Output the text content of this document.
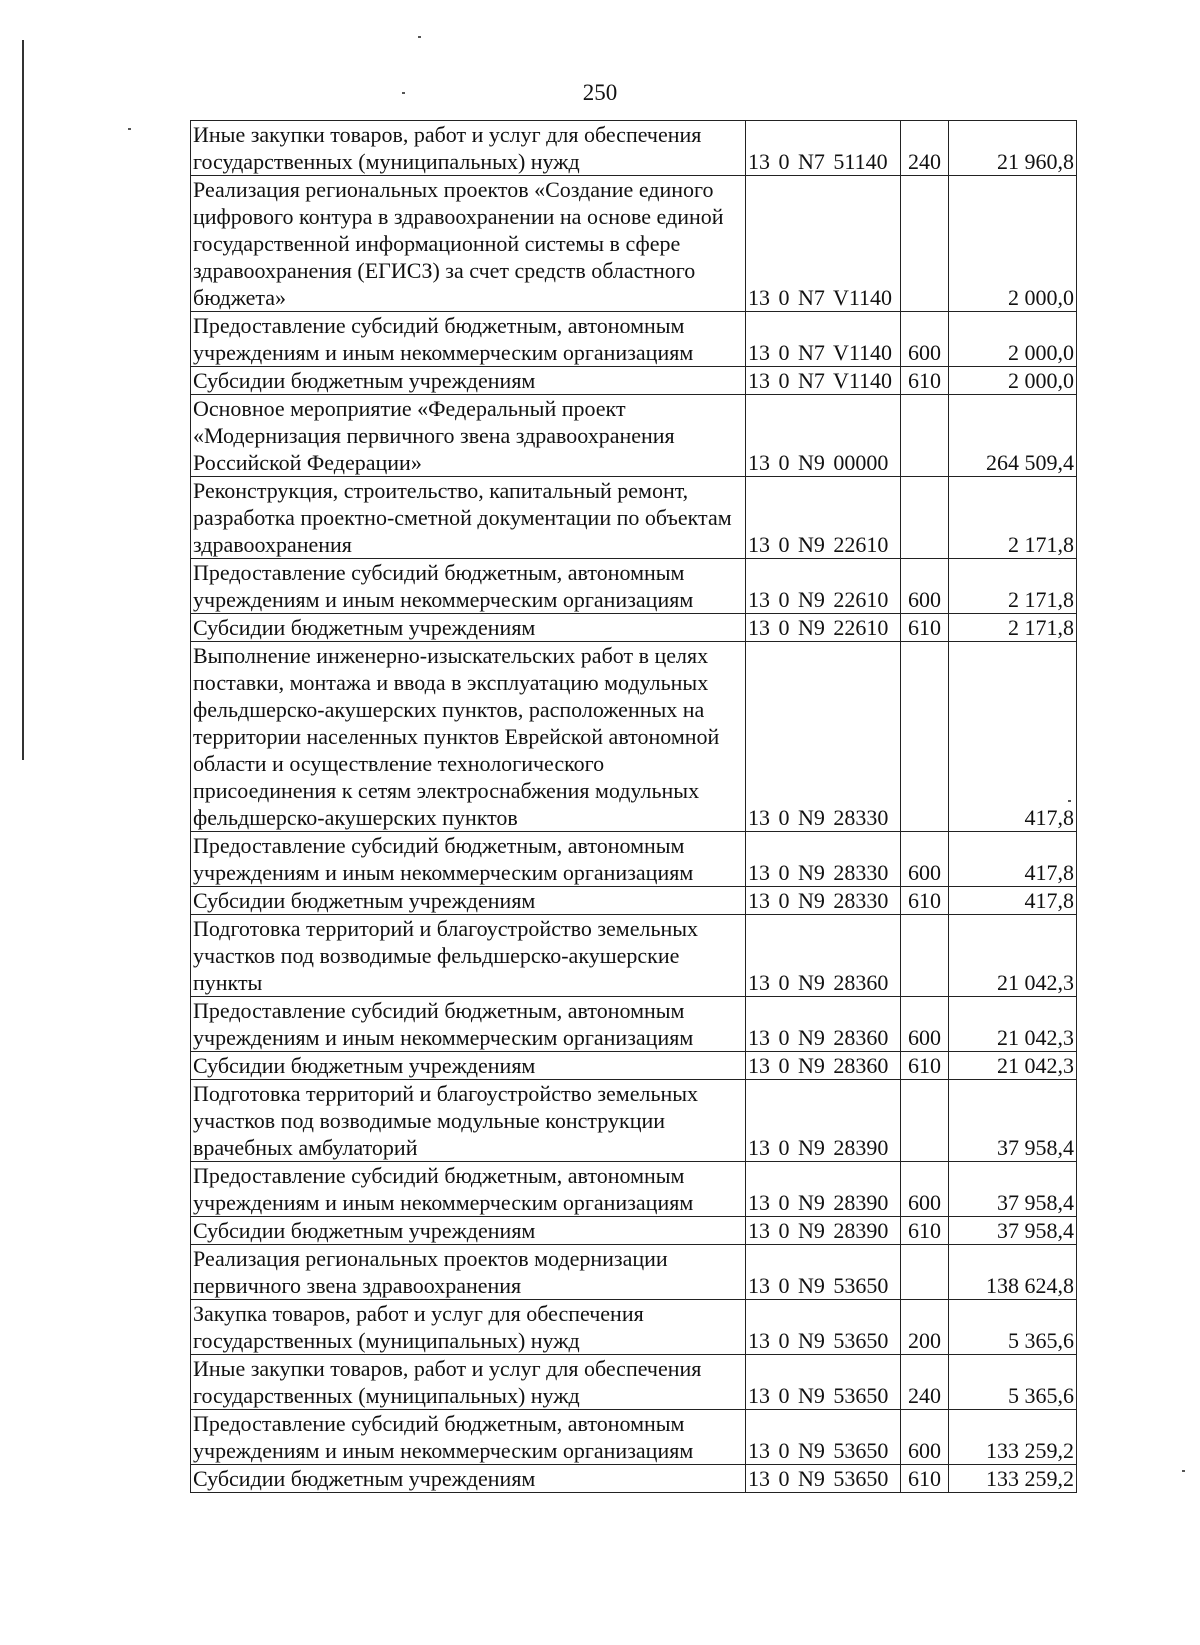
250
Иные закупки товаров, работ и услуг для обеспечения государственных (муниципальных) нужд	13 0 N7 51140	240	21 960,8
Реализация региональных проектов «Создание единого цифрового контура в здравоохранении на основе единой государственной информационной системы в сфере здравоохранения (ЕГИСЗ) за счет средств областного бюджета»	13 0 N7 V1140		2 000,0
Предоставление субсидий бюджетным, автономным учреждениям и иным некоммерческим организациям	13 0 N7 V1140	600	2 000,0
Субсидии бюджетным учреждениям	13 0 N7 V1140	610	2 000,0
Основное мероприятие «Федеральный проект «Модернизация первичного звена здравоохранения Российской Федерации»	13 0 N9 00000		264 509,4
Реконструкция, строительство, капитальный ремонт, разработка проектно-сметной документации по объектам здравоохранения	13 0 N9 22610		2 171,8
Предоставление субсидий бюджетным, автономным учреждениям и иным некоммерческим организациям	13 0 N9 22610	600	2 171,8
Субсидии бюджетным учреждениям	13 0 N9 22610	610	2 171,8
Выполнение инженерно-изыскательских работ в целях поставки, монтажа и ввода в эксплуатацию модульных фельдшерско-акушерских пунктов, расположенных на территории населенных пунктов Еврейской автономной области и осуществление технологического присоединения к сетям электроснабжения модульных фельдшерско-акушерских пунктов	13 0 N9 28330		417,8
Предоставление субсидий бюджетным, автономным учреждениям и иным некоммерческим организациям	13 0 N9 28330	600	417,8
Субсидии бюджетным учреждениям	13 0 N9 28330	610	417,8
Подготовка территорий и благоустройство земельных участков под возводимые фельдшерско-акушерские пункты	13 0 N9 28360		21 042,3
Предоставление субсидий бюджетным, автономным учреждениям и иным некоммерческим организациям	13 0 N9 28360	600	21 042,3
Субсидии бюджетным учреждениям	13 0 N9 28360	610	21 042,3
Подготовка территорий и благоустройство земельных участков под возводимые модульные конструкции врачебных амбулаторий	13 0 N9 28390		37 958,4
Предоставление субсидий бюджетным, автономным учреждениям и иным некоммерческим организациям	13 0 N9 28390	600	37 958,4
Субсидии бюджетным учреждениям	13 0 N9 28390	610	37 958,4
Реализация региональных проектов модернизации первичного звена здравоохранения	13 0 N9 53650		138 624,8
Закупка товаров, работ и услуг для обеспечения государственных (муниципальных) нужд	13 0 N9 53650	200	5 365,6
Иные закупки товаров, работ и услуг для обеспечения государственных (муниципальных) нужд	13 0 N9 53650	240	5 365,6
Предоставление субсидий бюджетным, автономным учреждениям и иным некоммерческим организациям	13 0 N9 53650	600	133 259,2
Субсидии бюджетным учреждениям	13 0 N9 53650	610	133 259,2
